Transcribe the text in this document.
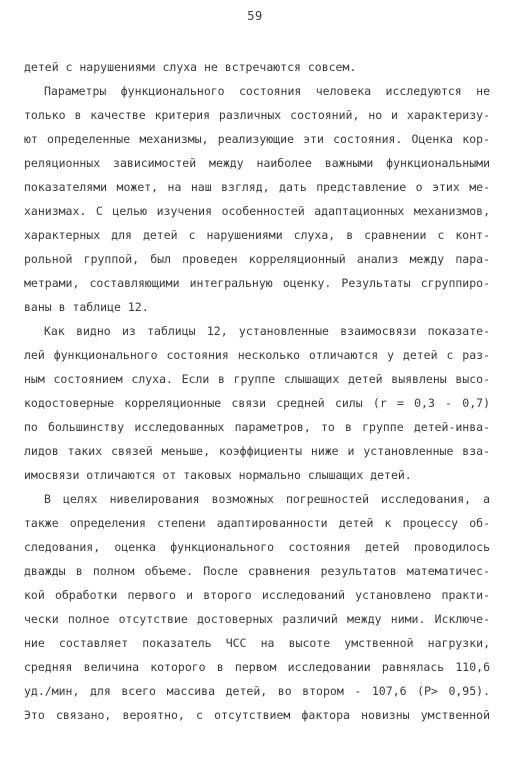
59
детей с нарушениями слуха не встречаются совсем.
Параметры функционального состояния человека исследуются не
только в качестве критерия различных состояний, но и характеризу-
ют определенные механизмы, реализующие эти состояния. Оценка кор-
реляционных зависимостей между наиболее важными функциональными
показателями может, на наш взгляд, дать представление о этих ме-
ханизмах. С целью изучения особенностей адаптационных механизмов,
характерных для детей с нарушениями слуха, в сравнении с конт-
рольной группой, был проведен корреляционный анализ между пара-
метрами, составляющими интегральную оценку. Результаты сгруппиро-
ваны в таблице 12.
Как видно из таблицы 12, установленные взаимосвязи показате-
лей функционального состояния несколько отличаются у детей с раз-
ным состоянием слуха. Если в группе слышащих детей выявлены высо-
кодостоверные корреляционные связи средней силы (r = 0,3 - 0,7)
по большинству исследованных параметров, то в группе детей-инва-
лидов таких связей меньше, коэффициенты ниже и установленные вза-
имосвязи отличаются от таковых нормально слышащих детей.
В целях нивелирования возможных погрешностей исследования, а
также определения степени адаптированности детей к процессу об-
следования, оценка функционального состояния детей проводилось
дважды в полном объеме. После сравнения результатов математичес-
кой обработки первого и второго исследований установлено практи-
чески полное отсутствие достоверных различий между ними. Исключе-
ние составляет показатель ЧСС на высоте умственной нагрузки,
средняя величина которого в первом исследовании равнялась 110,6
уд./мин, для всего массива детей, во втором - 107,6 (P> 0,95).
Это связано, вероятно, с отсутствием фактора новизны умственной
